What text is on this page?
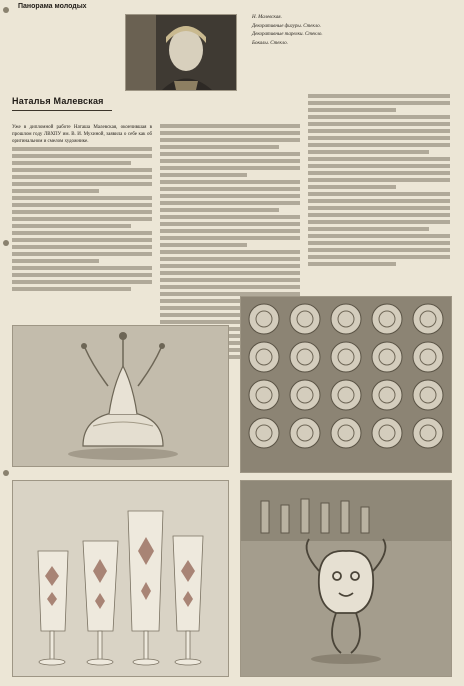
Панорама молодых
Н. Малевская.
Декоративные фигуры. Стекло.
Декоративные тарелки. Стекло.
Бокалы. Стекло.
Наталья Малевская
Уже в дипломной работе Наташа Малевская, окончившая в прошлом году ЛВХПУ им. В. И. Мухиной, заявила о себе как об оригинальном и смелом художнике.
